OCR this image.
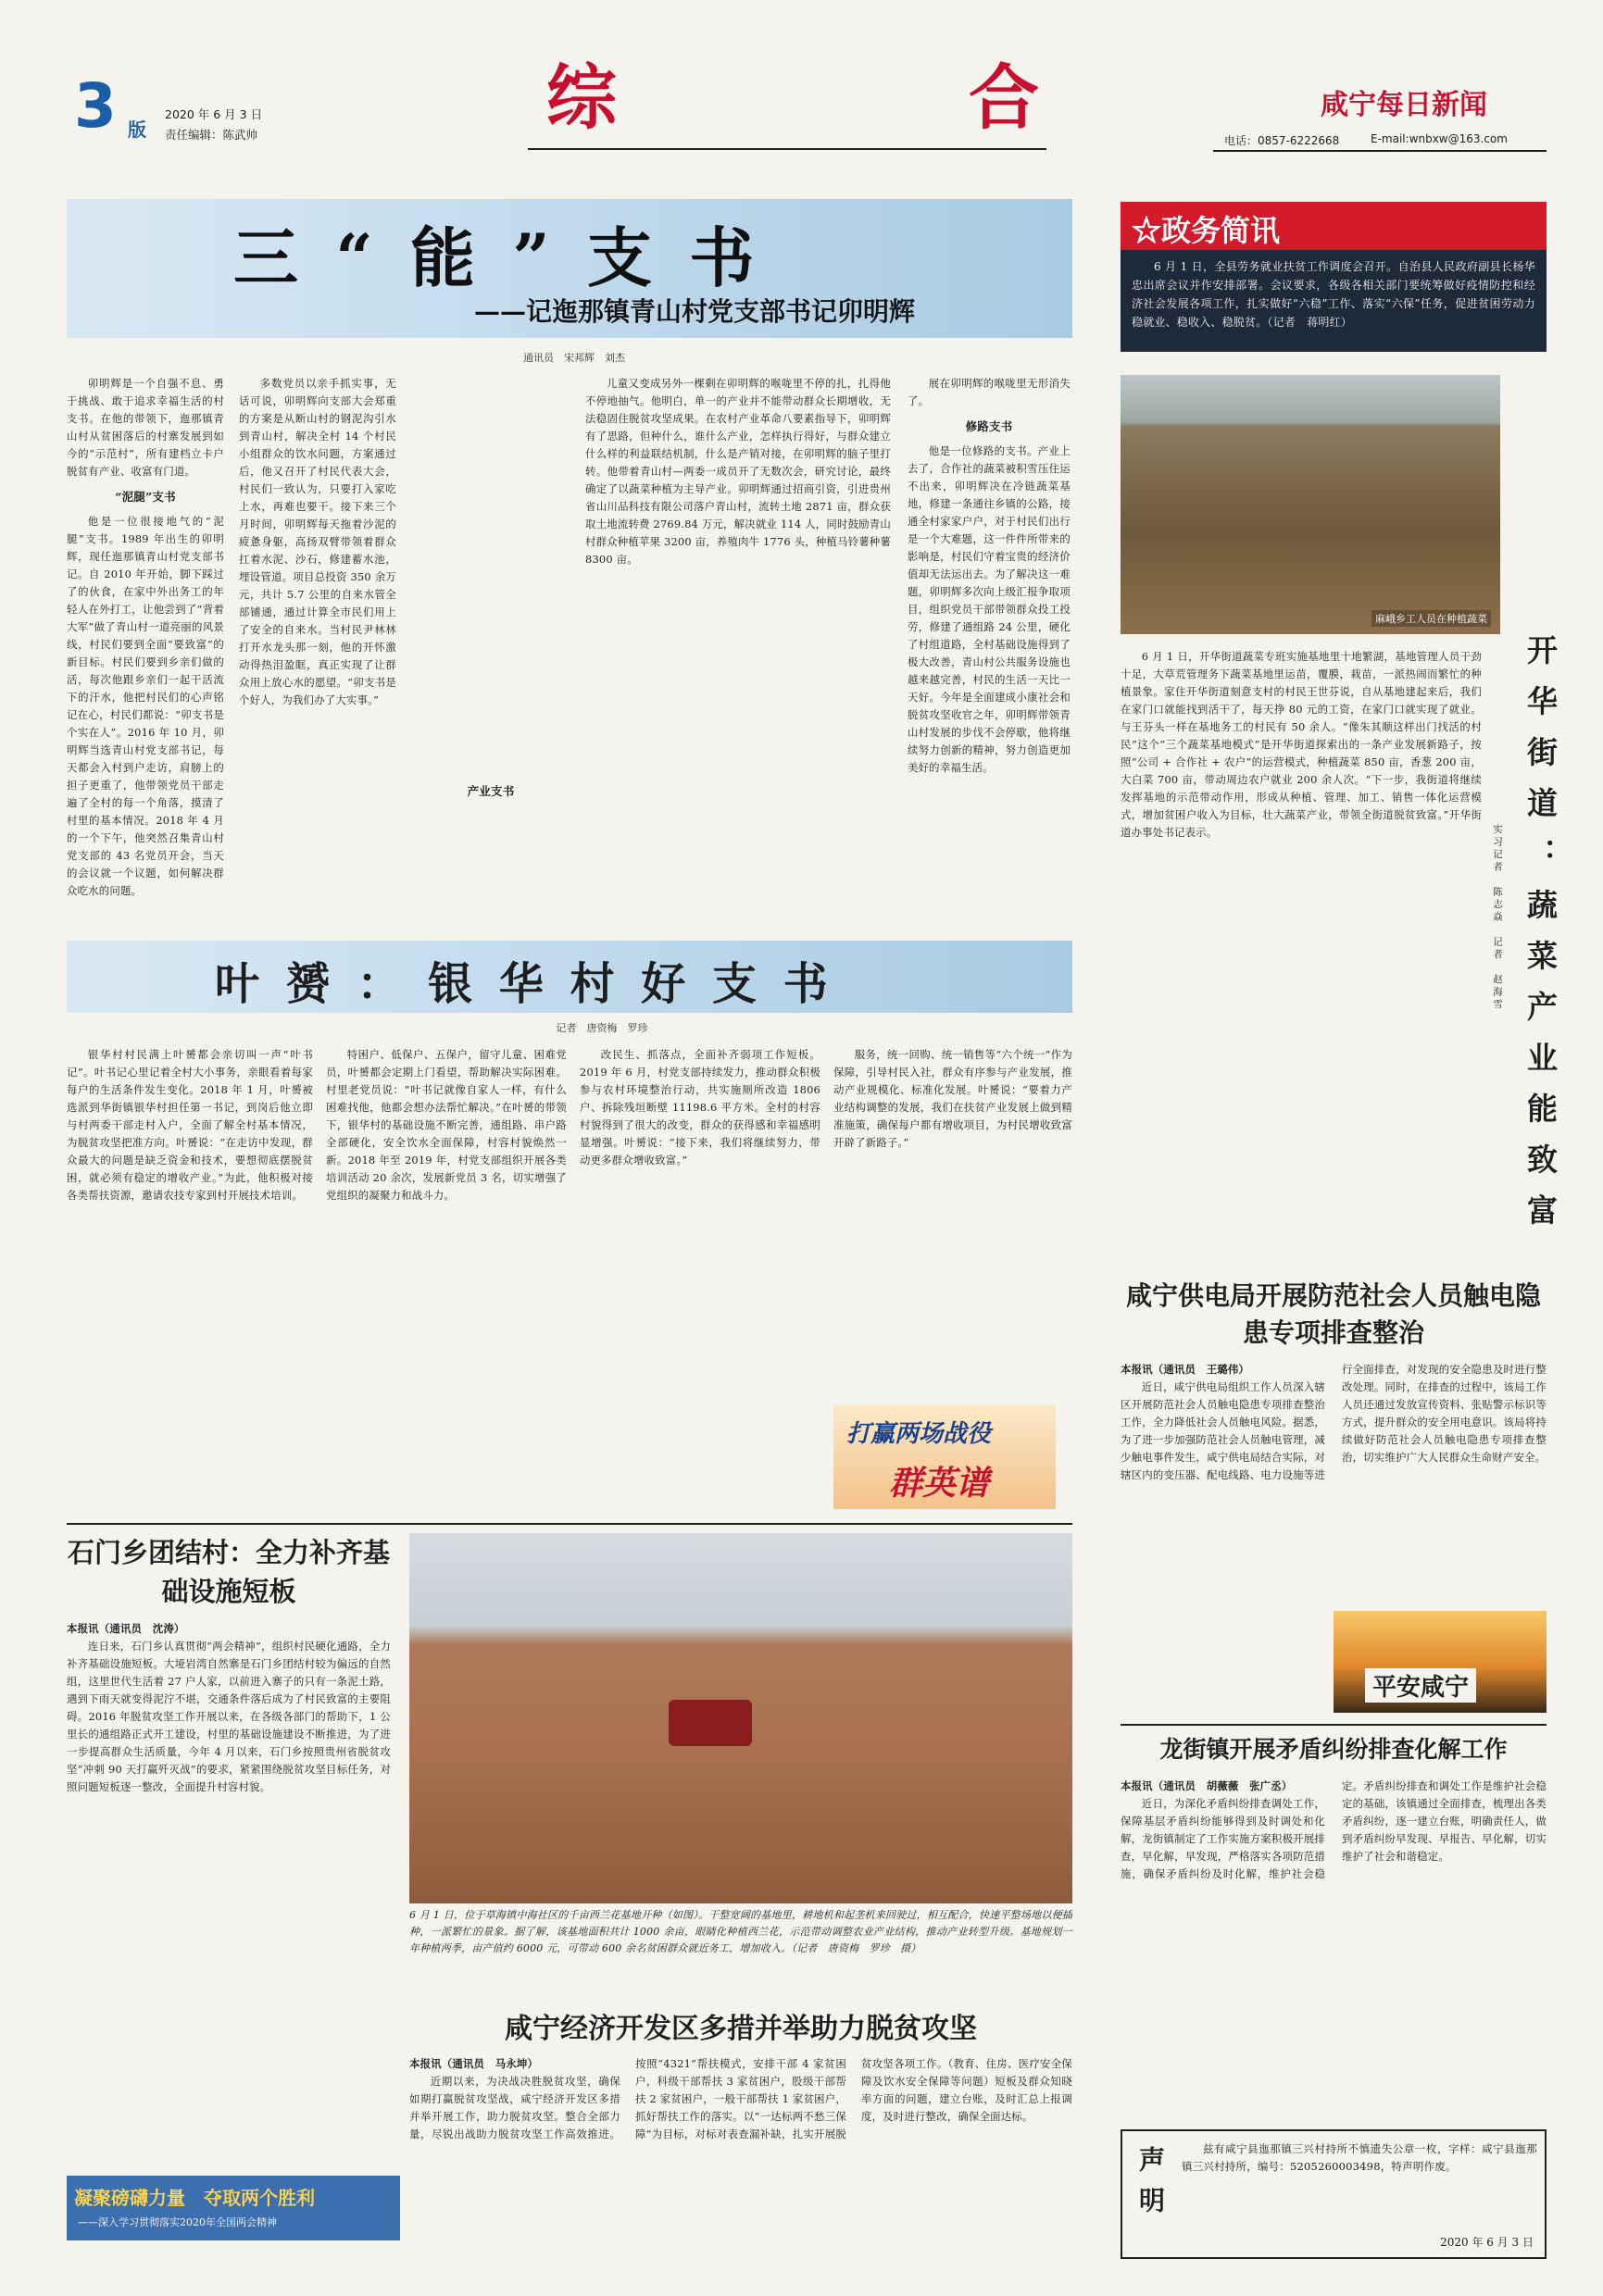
3 版
2020 年 6 月 3 日
责任编辑：陈武帅	综	合	咸宁每日新闻
电话：0857-6222668	E-mail:wnbxw@163.com
三 “ 能 ” 支 书
——记迤那镇青山村党支部书记卯明辉
通讯员　宋邦辉　刘杰

卯明辉是一个自强不息、勇于挑战、敢于追求幸福生活的村支书。在他的带领下，迤那镇青山村从贫困落后的村寨发展到如今的“示范村”，所有建档立卡户脱贫有产业、收富有门道。

“泥腿”支书

他是一位很接地气的“泥腿”支书。1989 年出生的卯明辉，现任迤那镇青山村党支部书记。自 2010 年开始，脚下踩过了的伙食，在家中外出务工的年轻人在外打工，让他尝到了“背着大军”做了青山村一道亮丽的风景线，村民们要到全面“要致富”的新目标。村民们要到乡亲们做的活，每次他跟乡亲们一起干活流下的汗水，他把村民们的心声铭记在心，村民们都说：“卯支书是个实在人”。2016 年 10 月，卯明辉当选青山村党支部书记，每天都会入村到户走访，肩膀上的担子更重了，他带领党员干部走遍了全村的每一个角落，摸清了村里的基本情况。2018 年 4 月的一个下午，他突然召集青山村党支部的 43 名党员开会，当天的会议就一个议题，如何解决群众吃水的问题。

多数党员以亲手抓实事，无话可说，卯明辉向支部大会郑重的方案是从断山村的钢泥沟引水到青山村，解决全村 14 个村民小组群众的饮水问题，方案通过后，他又召开了村民代表大会，村民们一致认为，只要打入家吃上水，再难也要干。接下来三个月时间，卯明辉每天拖着沙泥的疲惫身躯，高扬双臂带领着群众扛着水泥、沙石，修建蓄水池，埋设管道。项目总投资 350 余万元，共计 5.7 公里的自来水管全部铺通，通过计算全市民们用上了安全的自来水。当村民尹林林打开水龙头那一刻，他的开怀激动得热泪盈眶，真正实现了让群众用上放心水的愿望。“卯支书是个好人，为我们办了大实事。”

产业支书

儿童又变成另外一棵剩在卯明辉的喉咙里不停的扎，扎得他不停地抽气。他明白，单一的产业并不能带动群众长期增收，无法稳固住脱贫攻坚成果。在农村产业革命八要素指导下，卯明辉有了思路，但种什么，谁什么产业，怎样执行得好，与群众建立什么样的利益联结机制，什么是产销对接，在卯明辉的脑子里打转。他带着青山村—两委一成员开了无数次会，研究讨论，最终确定了以蔬菜种植为主导产业。卯明辉通过招商引资，引进贵州省山川品科技有限公司落户青山村，流转土地 2871 亩，群众获取土地流转费 2769.84 万元，解决就业 114 人，同时鼓励青山村群众种植苹果 3200 亩，养殖肉牛 1776 头，种植马铃薯种薯 8300 亩。

展在卯明辉的喉咙里无形消失了。

修路支书

他是一位修路的支书。产业上去了，合作社的蔬菜被积雪压住运不出来，卯明辉决在冷链蔬菜基地，修建一条通往乡镇的公路，接通全村家家户户，对于村民们出行是一个大难题，这一件件所带来的影响是，村民们守着宝贵的经济价值却无法运出去。为了解决这一难题，卯明辉多次向上级汇报争取项目，组织党员干部带领群众投工投劳，修建了通组路 24 公里，硬化了村组道路，全村基础设施得到了极大改善，青山村公共服务设施也越来越完善，村民的生活一天比一天好。今年是全面建成小康社会和脱贫攻坚收官之年，卯明辉带领青山村发展的步伐不会停歇，他将继续努力创新的精神，努力创造更加美好的幸福生活。

☆政务简讯
6 月 1 日，全县劳务就业扶贫工作调度会召开。自治县人民政府副县长杨华忠出席会议并作安排部署。会议要求，各级各相关部门要统筹做好疫情防控和经济社会发展各项工作，扎实做好“六稳”工作、落实“六保”任务，促进贫困劳动力稳就业、稳收入、稳脱贫。（记者　蒋明红）
麻峨乡工人员在种植蔬菜
开华街道：蔬菜产业能致富
实习记者　陈志焱　记者　赵海雪

6 月 1 日，开华街道蔬菜专班实施基地里十地繁湖，基地管理人员干劲十足，大草荒管理务下蔬菜基地里运苗，覆膜，栽苗，一派热闹而繁忙的种植景象。家住开华街道刻意支村的村民王世芬说，自从基地建起来后，我们在家门口就能找到活干了，每天挣 80 元的工资，在家门口就实现了就业。与王芬头一样在基地务工的村民有 50 余人。“像朱其顺这样出门找活的村民”这个“三个蔬菜基地模式”是开华街道探索出的一条产业发展新路子，按照“公司 + 合作社 + 农户”的运营模式，种植蔬菜 850 亩，香葱 200 亩，大白菜 700 亩，带动周边农户就业 200 余人次。“下一步，我街道将继续发挥基地的示范带动作用，形成从种植、管理、加工、销售一体化运营模式，增加贫困户收入为目标，壮大蔬菜产业，带领全街道脱贫致富。”开华街道办事处书记表示。

叶 赟 ： 银 华 村 好 支 书
记者　唐资梅　罗珍

银华村村民满上叶赟都会亲切叫一声“叶书记”。叶书记心里记着全村大小事务，亲眼看着每家每户的生活条件发生变化。2018 年 1 月，叶赟被选派到华街镇银华村担任第一书记，到岗后他立即与村两委干部走村入户，全面了解全村基本情况，为脱贫攻坚把准方向。叶赟说：“在走访中发现，群众最大的问题是缺乏资金和技术，要想彻底摆脱贫困，就必须有稳定的增收产业。”为此，他积极对接各类帮扶资源，邀请农技专家到村开展技术培训。

特困户、低保户、五保户，留守儿童、困难党员，叶赟都会定期上门看望，帮助解决实际困难。村里老党员说：“叶书记就像自家人一样，有什么困难找他，他都会想办法帮忙解决。”在叶赟的带领下，银华村的基础设施不断完善，通组路、串户路全部硬化，安全饮水全面保障，村容村貌焕然一新。2018 年至 2019 年，村党支部组织开展各类培训活动 20 余次，发展新党员 3 名，切实增强了党组织的凝聚力和战斗力。

改民生、抓落点，全面补齐弱项工作短板。2019 年 6 月，村党支部持续发力，推动群众积极参与农村环境整治行动，共实施厕所改造 1806 户、拆除残垣断壁 11198.6 平方米。全村的村容村貌得到了很大的改变，群众的获得感和幸福感明显增强。叶赟说：“接下来，我们将继续努力，带动更多群众增收致富。”

服务，统一回购、统一销售等“六个统一”作为保障，引导村民入社，群众有序参与产业发展，推动产业规模化、标准化发展。叶赟说：“要着力产业结构调整的发展，我们在扶贫产业发展上做到精准施策，确保每户都有增收项目，为村民增收致富开辟了新路子。”

打赢两场战役
群英谱
咸宁供电局开展防范社会人员触电隐患专项排查整治

本报讯（通讯员　王璐伟）

近日，咸宁供电局组织工作人员深入辖区开展防范社会人员触电隐患专项排查整治工作，全力降低社会人员触电风险。据悉，为了进一步加强防范社会人员触电管理，减少触电事件发生，咸宁供电局结合实际，对辖区内的变压器、配电线路、电力设施等进行全面排查，对发现的安全隐患及时进行整改处理。同时，在排查的过程中，该局工作人员还通过发放宣传资料、张贴警示标识等方式，提升群众的安全用电意识。该局将持续做好防范社会人员触电隐患专项排查整治，切实维护广大人民群众生命财产安全。

平安咸宁
龙街镇开展矛盾纠纷排查化解工作

本报讯（通讯员　胡薇薇　张广丞）

近日，为深化矛盾纠纷排查调处工作，保障基层矛盾纠纷能够得到及时调处和化解，龙街镇制定了工作实施方案积极开展排查，早化解，早发现，严格落实各项防范措施，确保矛盾纠纷及时化解，维护社会稳定。矛盾纠纷排查和调处工作是维护社会稳定的基础，该镇通过全面排查，梳理出各类矛盾纠纷，逐一建立台账，明确责任人，做到矛盾纠纷早发现、早报告、早化解，切实维护了社会和谐稳定。

石门乡团结村：全力补齐基础设施短板

本报讯（通讯员　沈涛）

连日来，石门乡认真贯彻“两会精神”，组织村民硬化通路，全力补齐基础设施短板。大垭岩湾自然寨是石门乡团结村较为偏远的自然组，这里世代生活着 27 户人家，以前进入寨子的只有一条泥土路，遇到下雨天就变得泥泞不堪，交通条件落后成为了村民致富的主要阻碍。2016 年脱贫攻坚工作开展以来，在各级各部门的帮助下，1 公里长的通组路正式开工建设，村里的基础设施建设不断推进，为了进一步提高群众生活质量，今年 4 月以来，石门乡按照贵州省脱贫攻坚“冲刺 90 天打赢歼灭战”的要求，紧紧围绕脱贫攻坚目标任务，对照问题短板逐一整改，全面提升村容村貌。

凝聚磅礴力量　夺取两个胜利
——深入学习贯彻落实2020年全国两会精神
6 月 1 日，位于草海镇中海社区的千亩西兰花基地开种（如图）。干整宽阔的基地里，耕地机和起垄机来回驶过，相互配合，快速平整场地以便插种，一派繁忙的景象。据了解，该基地面积共计 1000 余亩，眼睛化种植西兰花，示范带动调整农业产业结构，推动产业转型升级。基地规划一年种植两季，亩产值约 6000 元，可带动 600 余名贫困群众就近务工，增加收入。（记者　唐资梅　罗珍　摄）
咸宁经济开发区多措并举助力脱贫攻坚

本报讯（通讯员　马永坤）

近期以来，为决战决胜脱贫攻坚，确保如期打赢脱贫攻坚战，咸宁经济开发区多措并举开展工作，助力脱贫攻坚。整合全部力量，尽锐出战助力脱贫攻坚工作高效推进。按照“4321”帮扶模式，安排干部 4 家贫困户，科级干部帮扶 3 家贫困户，股级干部帮扶 2 家贫困户，一般干部帮扶 1 家贫困户，抓好帮扶工作的落实。以“一达标两不愁三保障”为目标，对标对表查漏补缺，扎实开展脱贫攻坚各项工作。（教育、住房、医疗安全保障及饮水安全保障等问题）短板及群众知晓率方面的问题，建立台账，及时汇总上报调度，及时进行整改，确保全面达标。

声明	兹有咸宁县迤那镇三兴村持所不慎遗失公章一枚，字样：咸宁县迤那镇三兴村持所，编号：5205260003498，特声明作废。
2020 年 6 月 3 日
